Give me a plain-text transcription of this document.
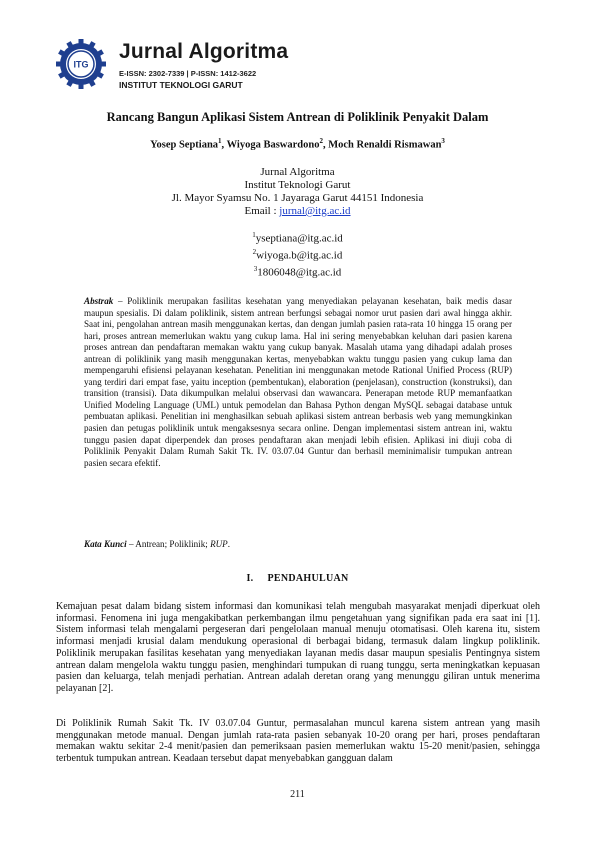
ITG
Jurnal Algoritma
E-ISSN: 2302-7339 | P-ISSN: 1412-3622
INSTITUT TEKNOLOGI GARUT
Rancang Bangun Aplikasi Sistem Antrean di Poliklinik Penyakit Dalam
Yosep Septiana$^1$, Wiyoga Baswardono$^2$, Moch Renaldi Rismawan$^3$
Jurnal Algoritma
Institut Teknologi Garut
Jl. Mayor Syamsu No. 1 Jayaraga Garut 44151 Indonesia
Email : jurnal@itg.ac.id
$^1$yseptiana@itg.ac.id
$^2$wiyoga.b@itg.ac.id
$^3$1806048@itg.ac.id
Abstrak – Poliklinik merupakan fasilitas kesehatan yang menyediakan pelayanan kesehatan, baik medis dasar maupun spesialis. Di dalam poliklinik, sistem antrean berfungsi sebagai nomor urut pasien dari awal hingga akhir. Saat ini, pengolahan antrean masih menggunakan kertas, dan dengan jumlah pasien rata-rata 10 hingga 15 orang per hari, proses antrean memerlukan waktu yang cukup lama. Hal ini sering menyebabkan keluhan dari pasien karena proses antrean dan pendaftaran memakan waktu yang cukup banyak. Masalah utama yang dihadapi adalah proses antrean di poliklinik yang masih menggunakan kertas, menyebabkan waktu tunggu pasien yang cukup lama dan mempengaruhi efisiensi pelayanan kesehatan. Penelitian ini menggunakan metode Rational Unified Process (RUP) yang terdiri dari empat fase, yaitu inception (pembentukan), elaboration (penjelasan), construction (konstruksi), dan transition (transisi). Data dikumpulkan melalui observasi dan wawancara. Penerapan metode RUP memanfaatkan Unified Modeling Language (UML) untuk pemodelan dan Bahasa Python dengan MySQL sebagai database untuk pembuatan aplikasi. Penelitian ini menghasilkan sebuah aplikasi sistem antrean berbasis web yang memungkinkan pasien dan petugas poliklinik untuk mengaksesnya secara online. Dengan implementasi sistem antrean ini, waktu tunggu pasien dapat diperpendek dan proses pendaftaran akan menjadi lebih efisien. Aplikasi ini diuji coba di Poliklinik Penyakit Dalam Rumah Sakit Tk. IV. 03.07.04 Guntur dan berhasil meminimalisir tumpukan antrean pasien secara efektif.
Kata Kunci – Antrean; Poliklinik; RUP.
I. PENDAHULUAN
Kemajuan pesat dalam bidang sistem informasi dan komunikasi telah mengubah masyarakat menjadi diperkuat oleh informasi. Fenomena ini juga mengakibatkan perkembangan ilmu pengetahuan yang signifikan pada era saat ini [1]. Sistem informasi telah mengalami pergeseran dari pengelolaan manual menuju otomatisasi. Oleh karena itu, sistem informasi menjadi krusial dalam mendukung operasional di berbagai bidang, termasuk dalam lingkup poliklinik. Poliklinik merupakan fasilitas kesehatan yang menyediakan layanan medis dasar maupun spesialis Pentingnya sistem antrean dalam mengelola waktu tunggu pasien, menghindari tumpukan di ruang tunggu, serta meningkatkan kepuasan pasien dan keluarga, telah menjadi perhatian. Antrean adalah deretan orang yang menunggu giliran untuk menerima pelayanan [2].
Di Poliklinik Rumah Sakit Tk. IV 03.07.04 Guntur, permasalahan muncul karena sistem antrean yang masih menggunakan metode manual. Dengan jumlah rata-rata pasien sebanyak 10-20 orang per hari, proses pendaftaran memakan waktu sekitar 2-4 menit/pasien dan pemeriksaan pasien memerlukan waktu 15-20 menit/pasien, sehingga terbentuk tumpukan antrean. Keadaan tersebut dapat menyebabkan gangguan dalam
211
